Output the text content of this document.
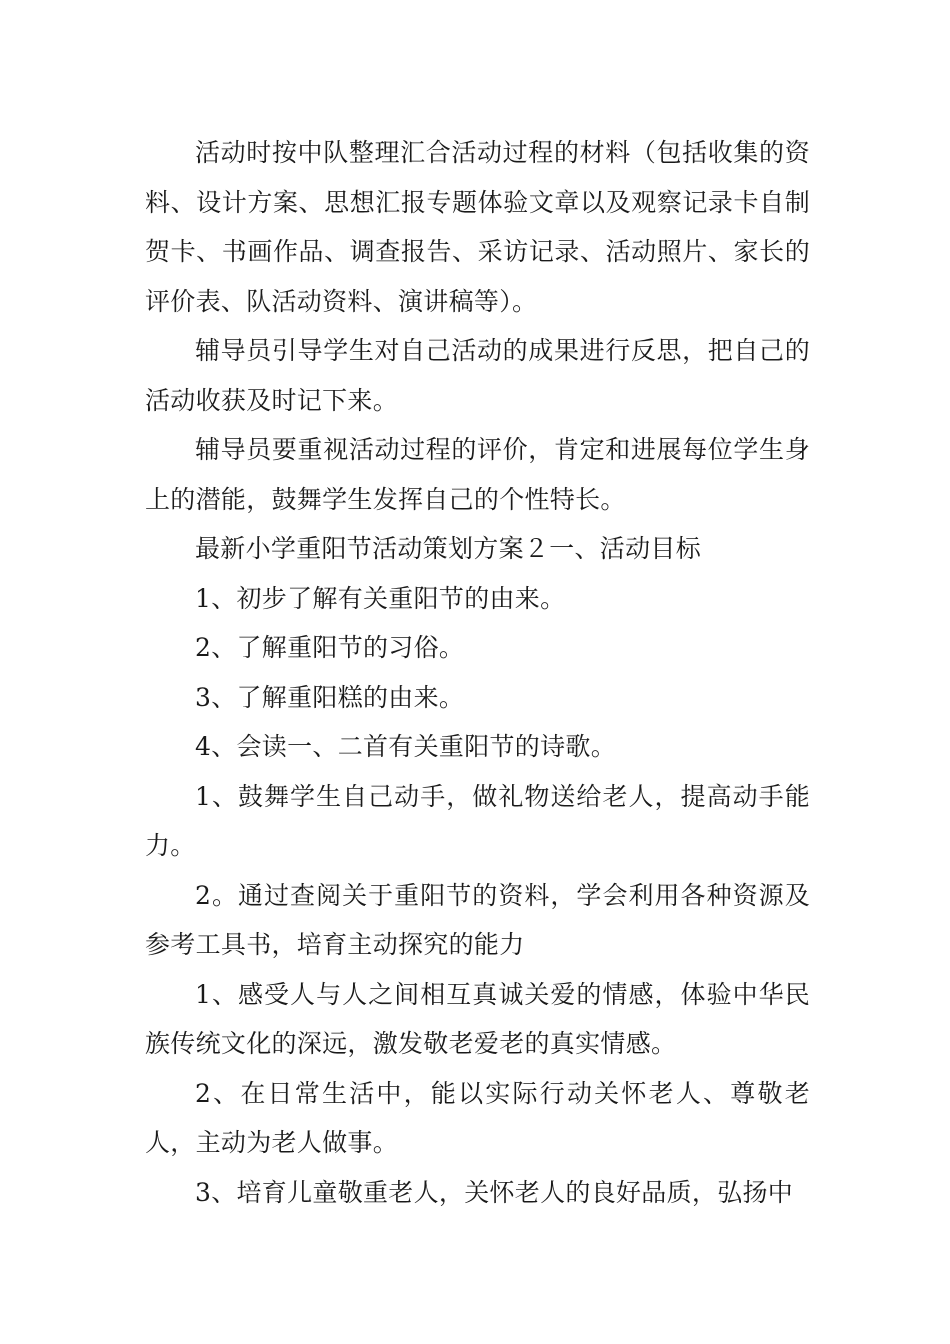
活动时按中队整理汇合活动过程的材料（包括收集的资料、设计方案、思想汇报专题体验文章以及观察记录卡自制贺卡、书画作品、调查报告、采访记录、活动照片、家长的评价表、队活动资料、演讲稿等）。

辅导员引导学生对自己活动的成果进行反思，把自己的活动收获及时记下来。

辅导员要重视活动过程的评价，肯定和进展每位学生身上的潜能，鼓舞学生发挥自己的个性特长。

最新小学重阳节活动策划方案２一、活动目标

1、初步了解有关重阳节的由来。

2、了解重阳节的习俗。

3、了解重阳糕的由来。

4、会读一、二首有关重阳节的诗歌。

1、鼓舞学生自己动手，做礼物送给老人，提高动手能力。

2。通过查阅关于重阳节的资料，学会利用各种资源及参考工具书，培育主动探究的能力

1、感受人与人之间相互真诚关爱的情感，体验中华民族传统文化的深远，激发敬老爱老的真实情感。

2、在日常生活中，能以实际行动关怀老人、尊敬老人，主动为老人做事。

3、培育儿童敬重老人，关怀老人的良好品质，弘扬中
